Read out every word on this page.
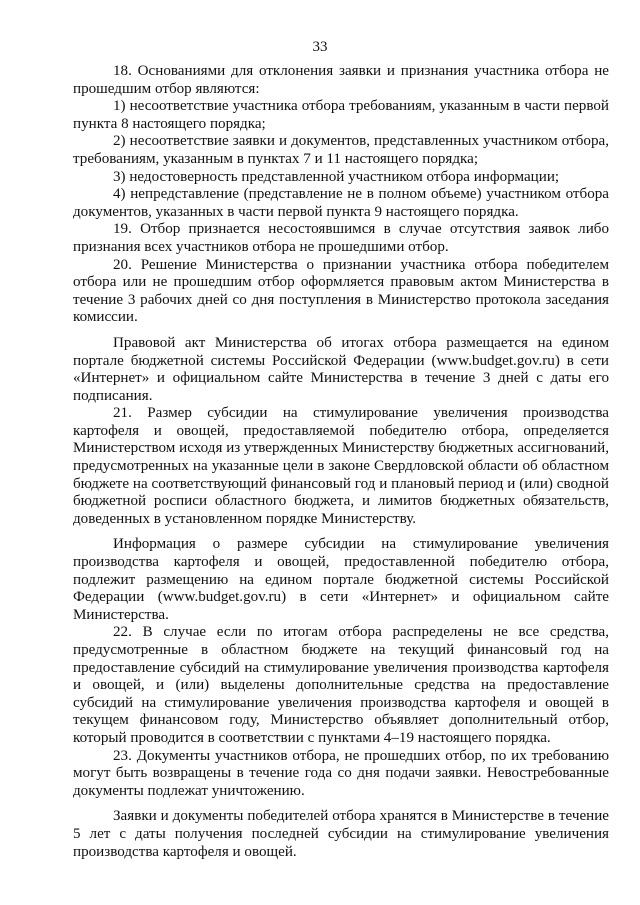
33

18. Основаниями для отклонения заявки и признания участника отбора не прошедшим отбор являются:

1) несоответствие участника отбора требованиям, указанным в части первой пункта 8 настоящего порядка;

2) несоответствие заявки и документов, представленных участником отбора, требованиям, указанным в пунктах 7 и 11 настоящего порядка;

3) недостоверность представленной участником отбора информации;

4) непредставление (представление не в полном объеме) участником отбора документов, указанных в части первой пункта 9 настоящего порядка.

19. Отбор признается несостоявшимся в случае отсутствия заявок либо признания всех участников отбора не прошедшими отбор.

20. Решение Министерства о признании участника отбора победителем отбора или не прошедшим отбор оформляется правовым актом Министерства в течение 3 рабочих дней со дня поступления в Министерство протокола заседания комиссии.

Правовой акт Министерства об итогах отбора размещается на едином портале бюджетной системы Российской Федерации (www.budget.gov.ru) в сети «Интернет» и официальном сайте Министерства в течение 3 дней с даты его подписания.

21. Размер субсидии на стимулирование увеличения производства картофеля и овощей, предоставляемой победителю отбора, определяется Министерством исходя из утвержденных Министерству бюджетных ассигнований, предусмотренных на указанные цели в законе Свердловской области об областном бюджете на соответствующий финансовый год и плановый период и (или) сводной бюджетной росписи областного бюджета, и лимитов бюджетных обязательств, доведенных в установленном порядке Министерству.

Информация о размере субсидии на стимулирование увеличения производства картофеля и овощей, предоставленной победителю отбора, подлежит размещению на едином портале бюджетной системы Российской Федерации (www.budget.gov.ru) в сети «Интернет» и официальном сайте Министерства.

22. В случае если по итогам отбора распределены не все средства, предусмотренные в областном бюджете на текущий финансовый год на предоставление субсидий на стимулирование увеличения производства картофеля и овощей, и (или) выделены дополнительные средства на предоставление субсидий на стимулирование увеличения производства картофеля и овощей в текущем финансовом году, Министерство объявляет дополнительный отбор, который проводится в соответствии с пунктами 4–19 настоящего порядка.

23. Документы участников отбора, не прошедших отбор, по их требованию могут быть возвращены в течение года со дня подачи заявки. Невостребованные документы подлежат уничтожению.

Заявки и документы победителей отбора хранятся в Министерстве в течение 5 лет с даты получения последней субсидии на стимулирование увеличения производства картофеля и овощей.
